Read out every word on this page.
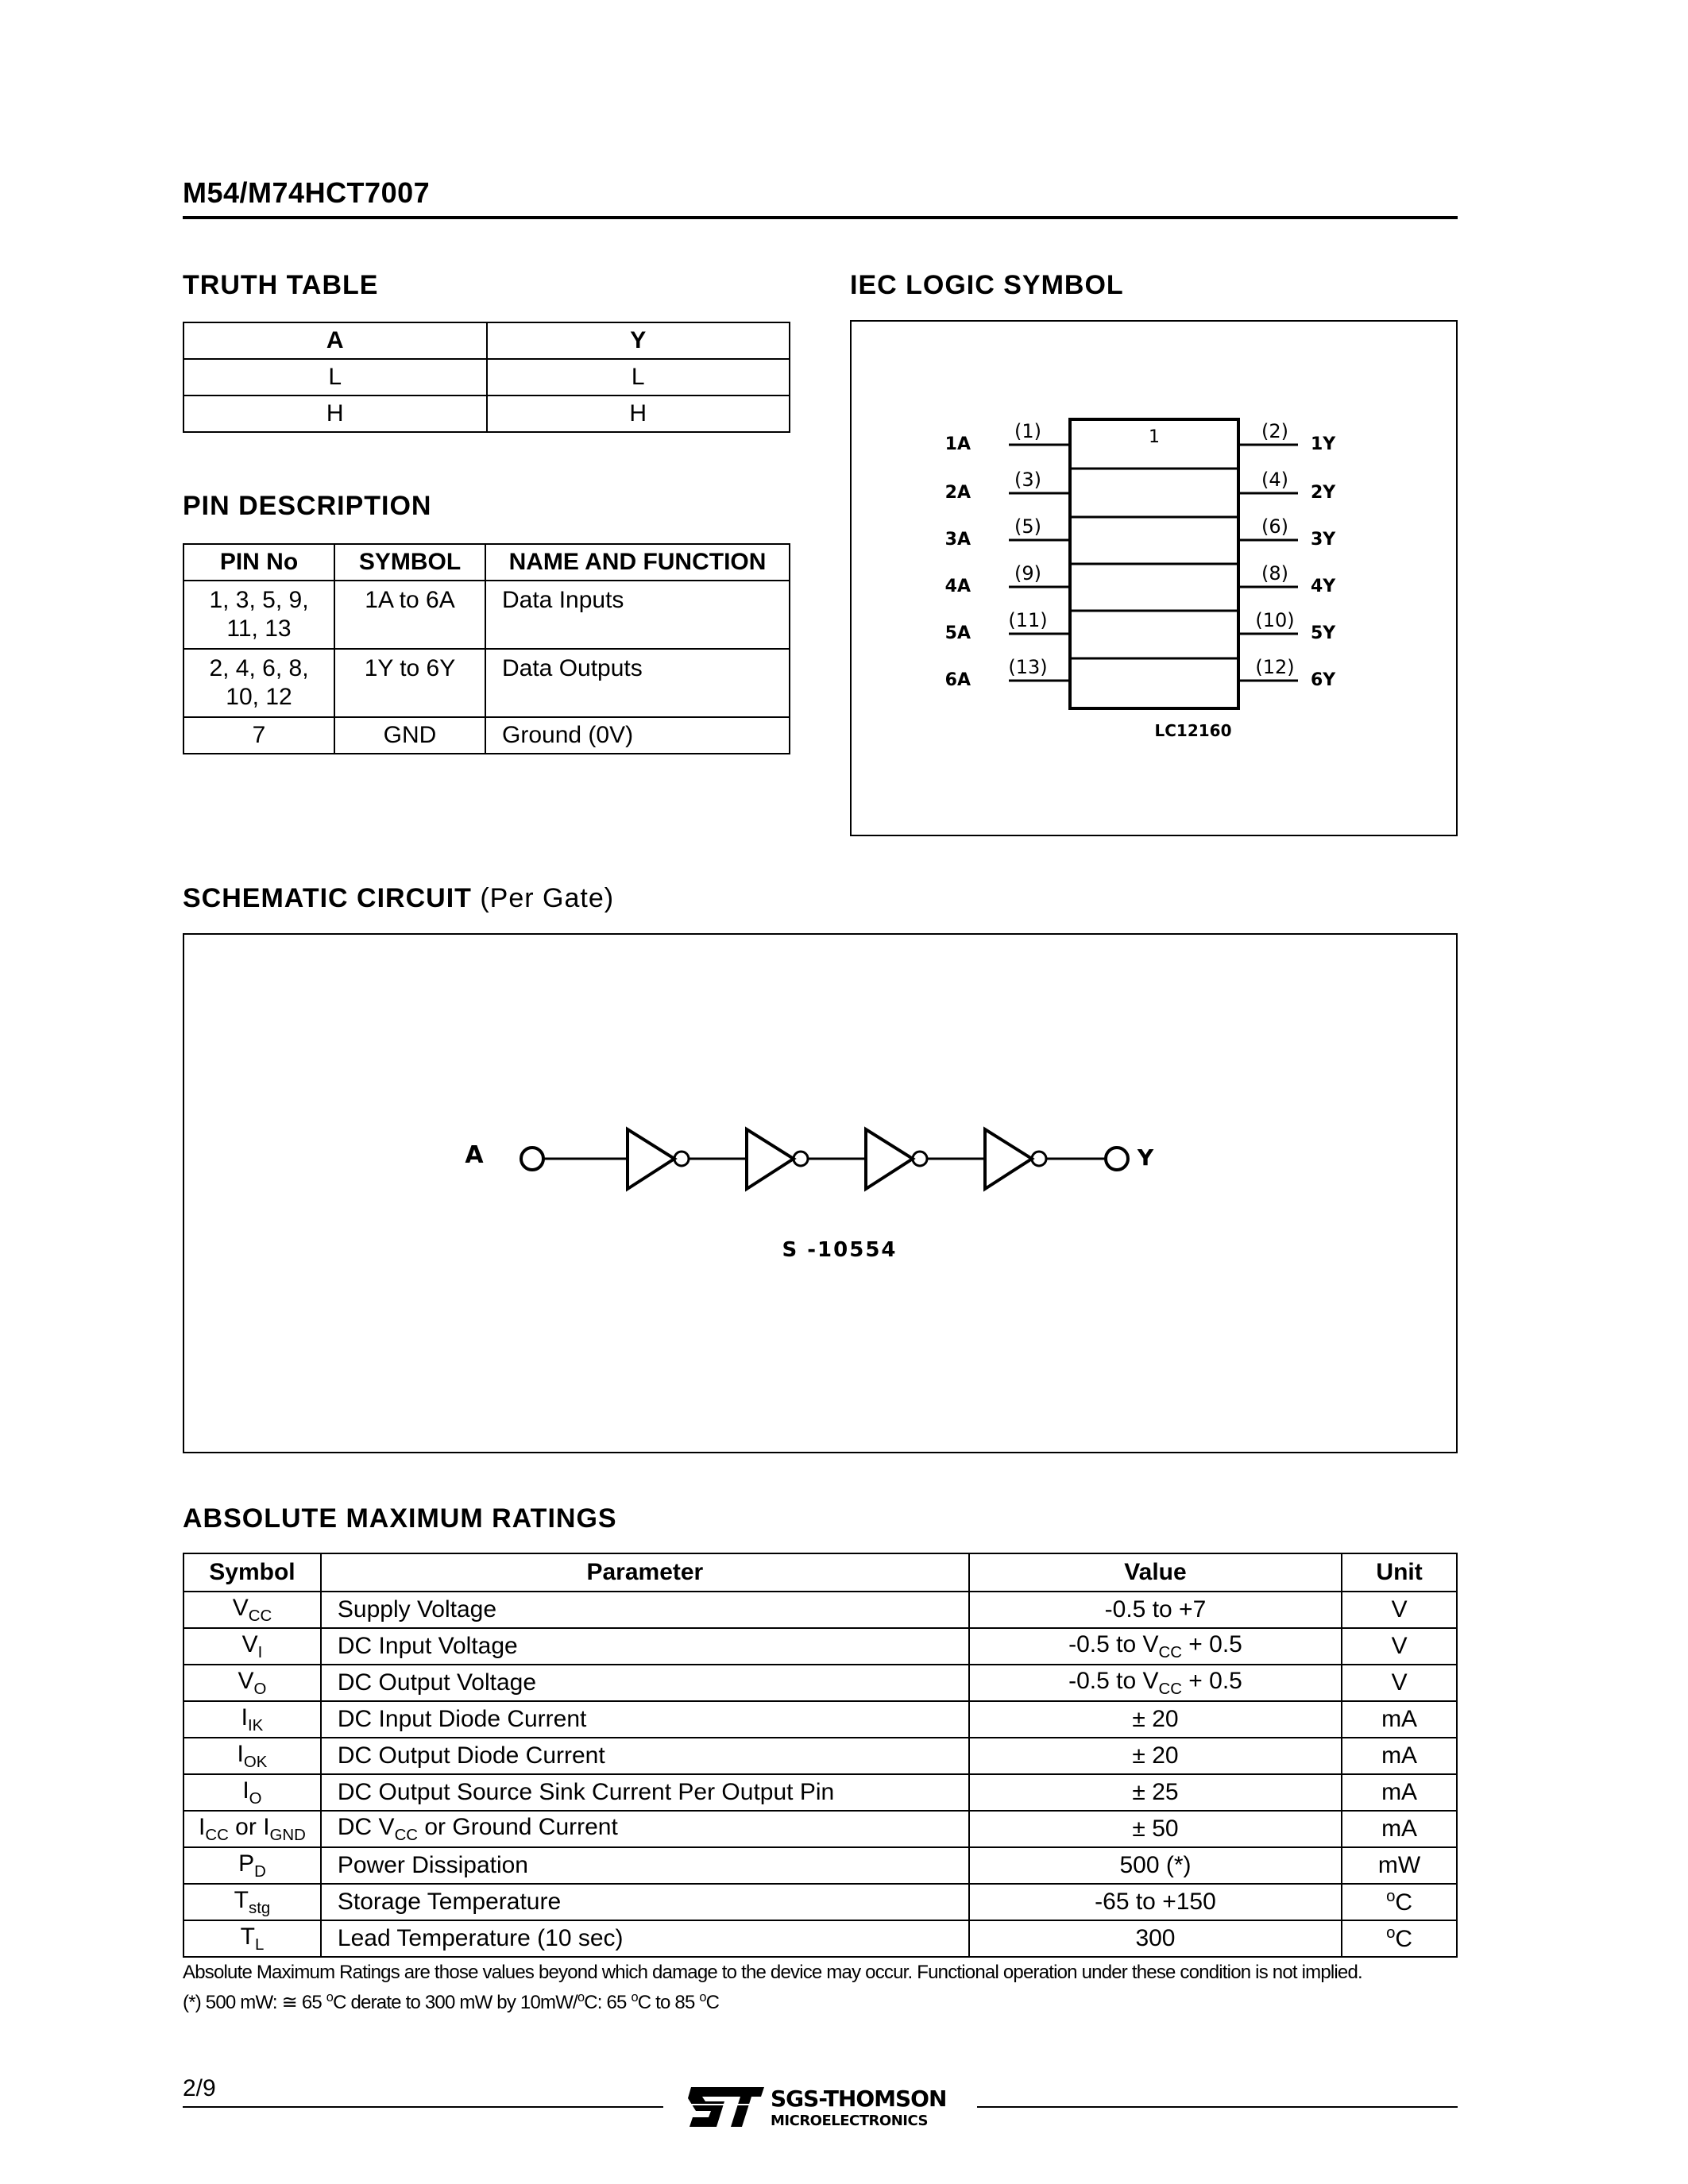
M54/M74HCT7007
TRUTH TABLE
A	Y
L	L
H	H
PIN DESCRIPTION
PIN No	SYMBOL	NAME AND FUNCTION

1, 3, 5, 9,
11, 13	1A to 6A	Data Inputs

2, 4, 6, 8,
10, 12	1Y to 6Y	Data Outputs
7	GND	Ground (0V)
IEC LOGIC SYMBOL
1
1A
2A
3A
4A
5A
6A
(1)
(3)
(5)
(9)
(11)
(13)
(2)
(4)
(6)
(8)
(10)
(12)
1Y
2Y
3Y
4Y
5Y
6Y
LC12160
SCHEMATIC CIRCUIT (Per Gate)
A	Y
S -10554
ABSOLUTE MAXIMUM RATINGS
Symbol	Parameter	Value	Unit
$V_{CC}$	Supply Voltage	-0.5 to +7	V
$V_I$	DC Input Voltage	-0.5 to $V_{CC} + 0.5$	V
$V_O$	DC Output Voltage	-0.5 to $V_{CC} + 0.5$	V
$I_{IK}$	DC Input Diode Current	± 20	mA
$I_{OK}$	DC Output Diode Current	± 20	mA
$I_O$	DC Output Source Sink Current Per Output Pin	± 25	mA
$I_{CC}$ or $I_{GND}$	DC $V_{CC}$ or Ground Current	± 50	mA
$P_D$	Power Dissipation	500 (*)	mW
$T_{stg}$	Storage Temperature	-65 to +150	$^o$C
$T_L$	Lead Temperature (10 sec)	300	$^o$C
Absolute Maximum Ratings are those values beyond which damage to the device may occur. Functional operation under these condition is not implied.
(*) 500 mW: ≅ 65 $^o$C derate to 300 mW by 10mW/$^o$C: 65 $^o$C to 85 $^o$C
2/9	SGS-THOMSON
MICROELECTRONICS
